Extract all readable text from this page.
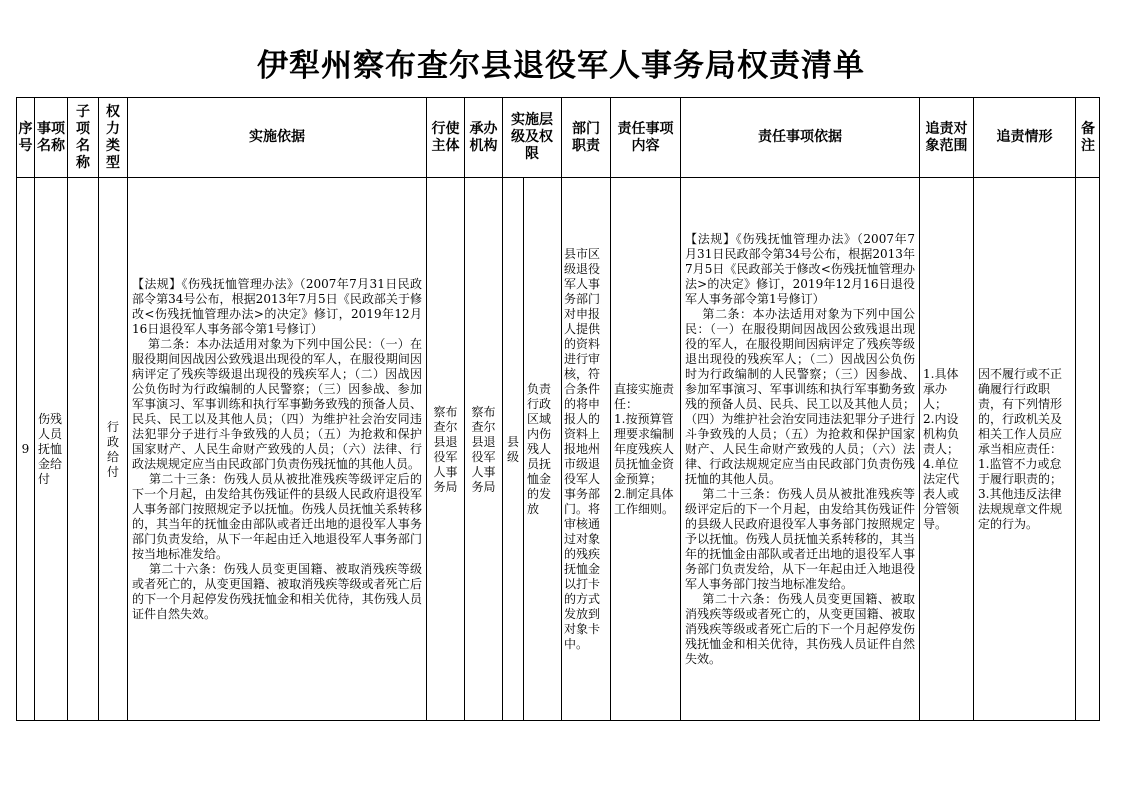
伊犁州察布查尔县退役军人事务局权责清单
序号
事项名称
子项名称
权力类型
实施依据
行使主体
承办机构
实施层级及权限
部门职责
责任事项内容
责任事项依据
追责对象范围
追责情形
备注
9
伤残人员抚恤金给付
行政给付
【法规】《伤残抚恤管理办法》（2007年7月31日民政部令第34号公布，根据2013年7月5日《民政部关于修改<伤残抚恤管理办法>的决定》修订，2019年12月16日退役军人事务部令第1号修订）
第二条：本办法适用对象为下列中国公民：（一）在服役期间因战因公致残退出现役的军人，在服役期间因病评定了残疾等级退出现役的残疾军人；（二）因战因公负伤时为行政编制的人民警察；（三）因参战、参加军事演习、军事训练和执行军事勤务致残的预备人员、民兵、民工以及其他人员；（四）为维护社会治安同违法犯罪分子进行斗争致残的人员；（五）为抢救和保护国家财产、人民生命财产致残的人员；（六）法律、行政法规规定应当由民政部门负责伤残抚恤的其他人员。
第二十三条：伤残人员从被批准残疾等级评定后的下一个月起，由发给其伤残证件的县级人民政府退役军人事务部门按照规定予以抚恤。伤残人员抚恤关系转移的，其当年的抚恤金由部队或者迁出地的退役军人事务部门负责发给，从下一年起由迁入地退役军人事务部门按当地标准发给。
第二十六条：伤残人员变更国籍、被取消残疾等级或者死亡的，从变更国籍、被取消残疾等级或者死亡后的下一个月起停发伤残抚恤金和相关优待，其伤残人员证件自然失效。
察布查尔县退役军人事务局
察布查尔县退役军人事务局
县级
负责行政区域内伤残人员抚恤金的发放
县市区级退役军人事务部门对申报人提供的资料进行审核，符合条件的将申报人的资料上报地州市级退役军人事务部门。将审核通过对象的残疾抚恤金以打卡的方式发放到对象卡中。
直接实施责任：
1.按预算管理要求编制年度残疾人员抚恤金资金预算；
2.制定具体工作细则。
【法规】《伤残抚恤管理办法》（2007年7月31日民政部令第34号公布，根据2013年7月5日《民政部关于修改<伤残抚恤管理办法>的决定》修订，2019年12月16日退役军人事务部令第1号修订）
第二条：本办法适用对象为下列中国公民：（一）在服役期间因战因公致残退出现役的军人，在服役期间因病评定了残疾等级退出现役的残疾军人；（二）因战因公负伤时为行政编制的人民警察；（三）因参战、参加军事演习、军事训练和执行军事勤务致残的预备人员、民兵、民工以及其他人员；（四）为维护社会治安同违法犯罪分子进行斗争致残的人员；（五）为抢救和保护国家财产、人民生命财产致残的人员；（六）法律、行政法规规定应当由民政部门负责伤残抚恤的其他人员。
第二十三条：伤残人员从被批准残疾等级评定后的下一个月起，由发给其伤残证件的县级人民政府退役军人事务部门按照规定予以抚恤。伤残人员抚恤关系转移的，其当年的抚恤金由部队或者迁出地的退役军人事务部门负责发给，从下一年起由迁入地退役军人事务部门按当地标准发给。
第二十六条：伤残人员变更国籍、被取消残疾等级或者死亡的，从变更国籍、被取消残疾等级或者死亡后的下一个月起停发伤残抚恤金和相关优待，其伤残人员证件自然失效。
1.具体承办人；
2.内设机构负责人；
4.单位法定代表人或分管领导。
因不履行或不正确履行行政职责，有下列情形的，行政机关及相关工作人员应承当相应责任：
1.监管不力或怠于履行职责的；
3.其他违反法律法规规章文件规定的行为。
